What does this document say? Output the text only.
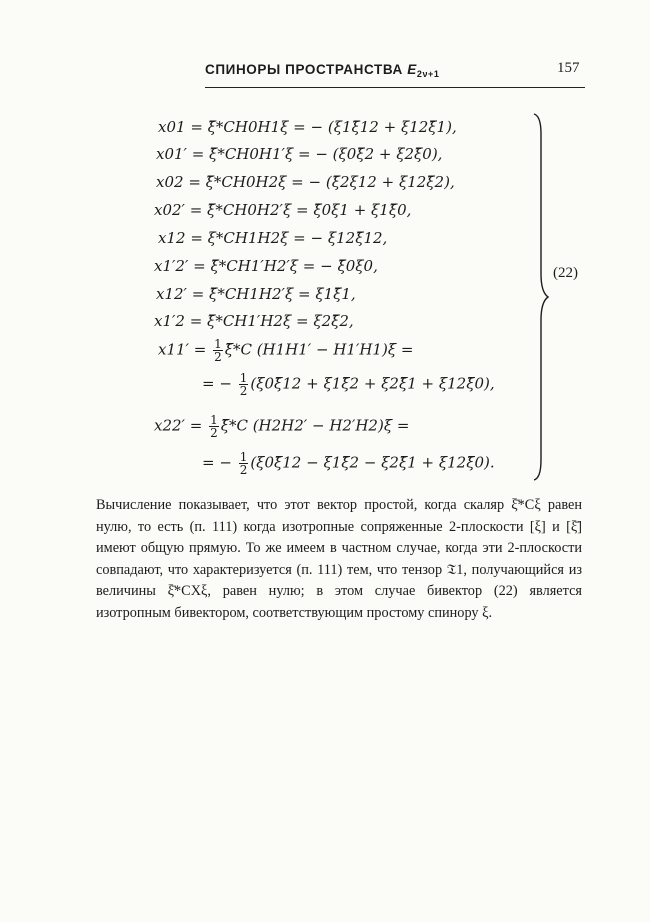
СПИНОРЫ ПРОСТРАНСТВА $E_{2\nu+1}$	157
x01 = ξ̄*CH0H1ξ = − (ξ1ξ̄12 + ξ12ξ̄1),
x01′ = ξ̄*CH0H1′ξ = − (ξ0ξ̄2 + ξ2ξ̄0),
x02 = ξ̄*CH0H2ξ = − (ξ̄2ξ12 + ξ12ξ̄2),
x02′ = ξ̄*CH0H2′ξ = ξ̄0ξ1 + ξ1ξ̄0,
x12 = ξ*CH1H2ξ = − ξ12ξ̄12,
x1′2′ = ξ̄*CH1′H2′ξ = − ξ̄0ξ0,
x12′ = ξ̄*CH1H2′ξ = ξ1ξ̄1,
x1′2 = ξ̄*CH1′H2ξ = ξ2ξ̄2,
$x11' = \frac{1}{2}$ ξ̄*C (H1H1′ − H1′H1)ξ =
= − $\frac{1}{2}$ (ξ0ξ̄12 + ξ1ξ̄2 + ξ2ξ̄1 + ξ12ξ̄0),
$x22' = \frac{1}{2}$ ξ̄*C (H2H2′ − H2′H2)ξ =
= − $\frac{1}{2}$ (ξ0ξ̄12 − ξ1ξ̄2 − ξ2ξ̄1 + ξ12ξ̄0).
(22)
Вычисление показывает, что этот вектор простой, когда скаляр ξ̄*Cξ равен нулю, то есть (п. 111) когда изотропные сопряженные 2-плоскости [ξ] и [ξ̄] имеют общую прямую. То же имеем в частном случае, когда эти 2-плоскости совпадают, что характеризуется (п. 111) тем, что тензор 𝔗1, получающийся из величины ξ̄*CXξ, равен нулю; в этом случае бивектор (22) является изотропным бивектором, соответствующим простому спинору ξ.
